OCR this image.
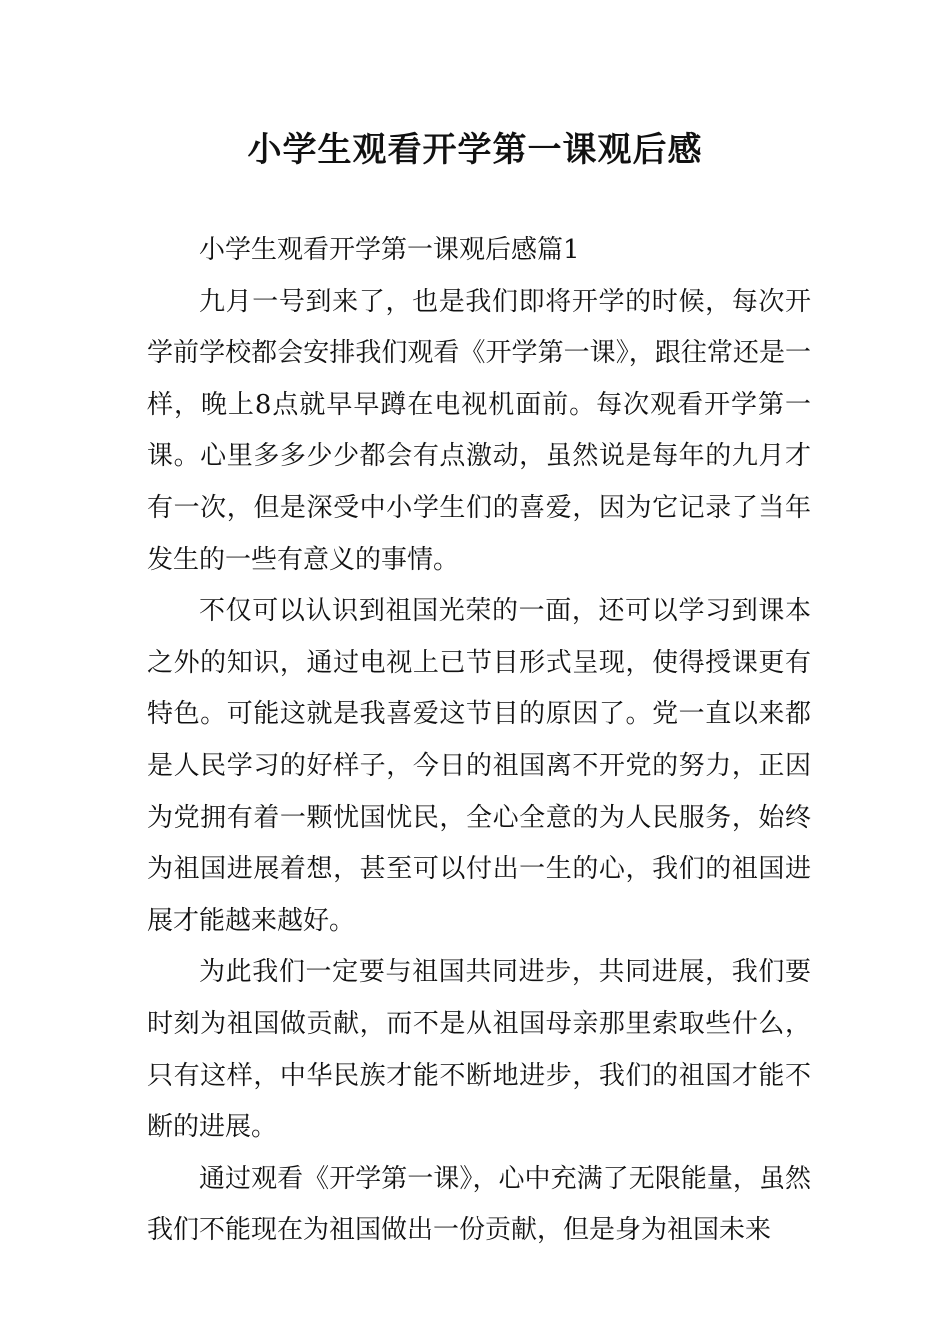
小学生观看开学第一课观后感

小学生观看开学第一课观后感篇1

九月一号到来了，也是我们即将开学的时候，每次开学前学校都会安排我们观看《开学第一课》，跟往常还是一样，晚上8点就早早蹲在电视机面前。每次观看开学第一课。心里多多少少都会有点激动，虽然说是每年的九月才有一次，但是深受中小学生们的喜爱，因为它记录了当年发生的一些有意义的事情。

不仅可以认识到祖国光荣的一面，还可以学习到课本之外的知识，通过电视上已节目形式呈现，使得授课更有特色。可能这就是我喜爱这节目的原因了。党一直以来都是人民学习的好样子，今日的祖国离不开党的努力，正因为党拥有着一颗忧国忧民，全心全意的为人民服务，始终为祖国进展着想，甚至可以付出一生的心，我们的祖国进展才能越来越好。

为此我们一定要与祖国共同进步，共同进展，我们要时刻为祖国做贡献，而不是从祖国母亲那里索取些什么，只有这样，中华民族才能不断地进步，我们的祖国才能不断的进展。

通过观看《开学第一课》，心中充满了无限能量，虽然我们不能现在为祖国做出一份贡献，但是身为祖国未来
